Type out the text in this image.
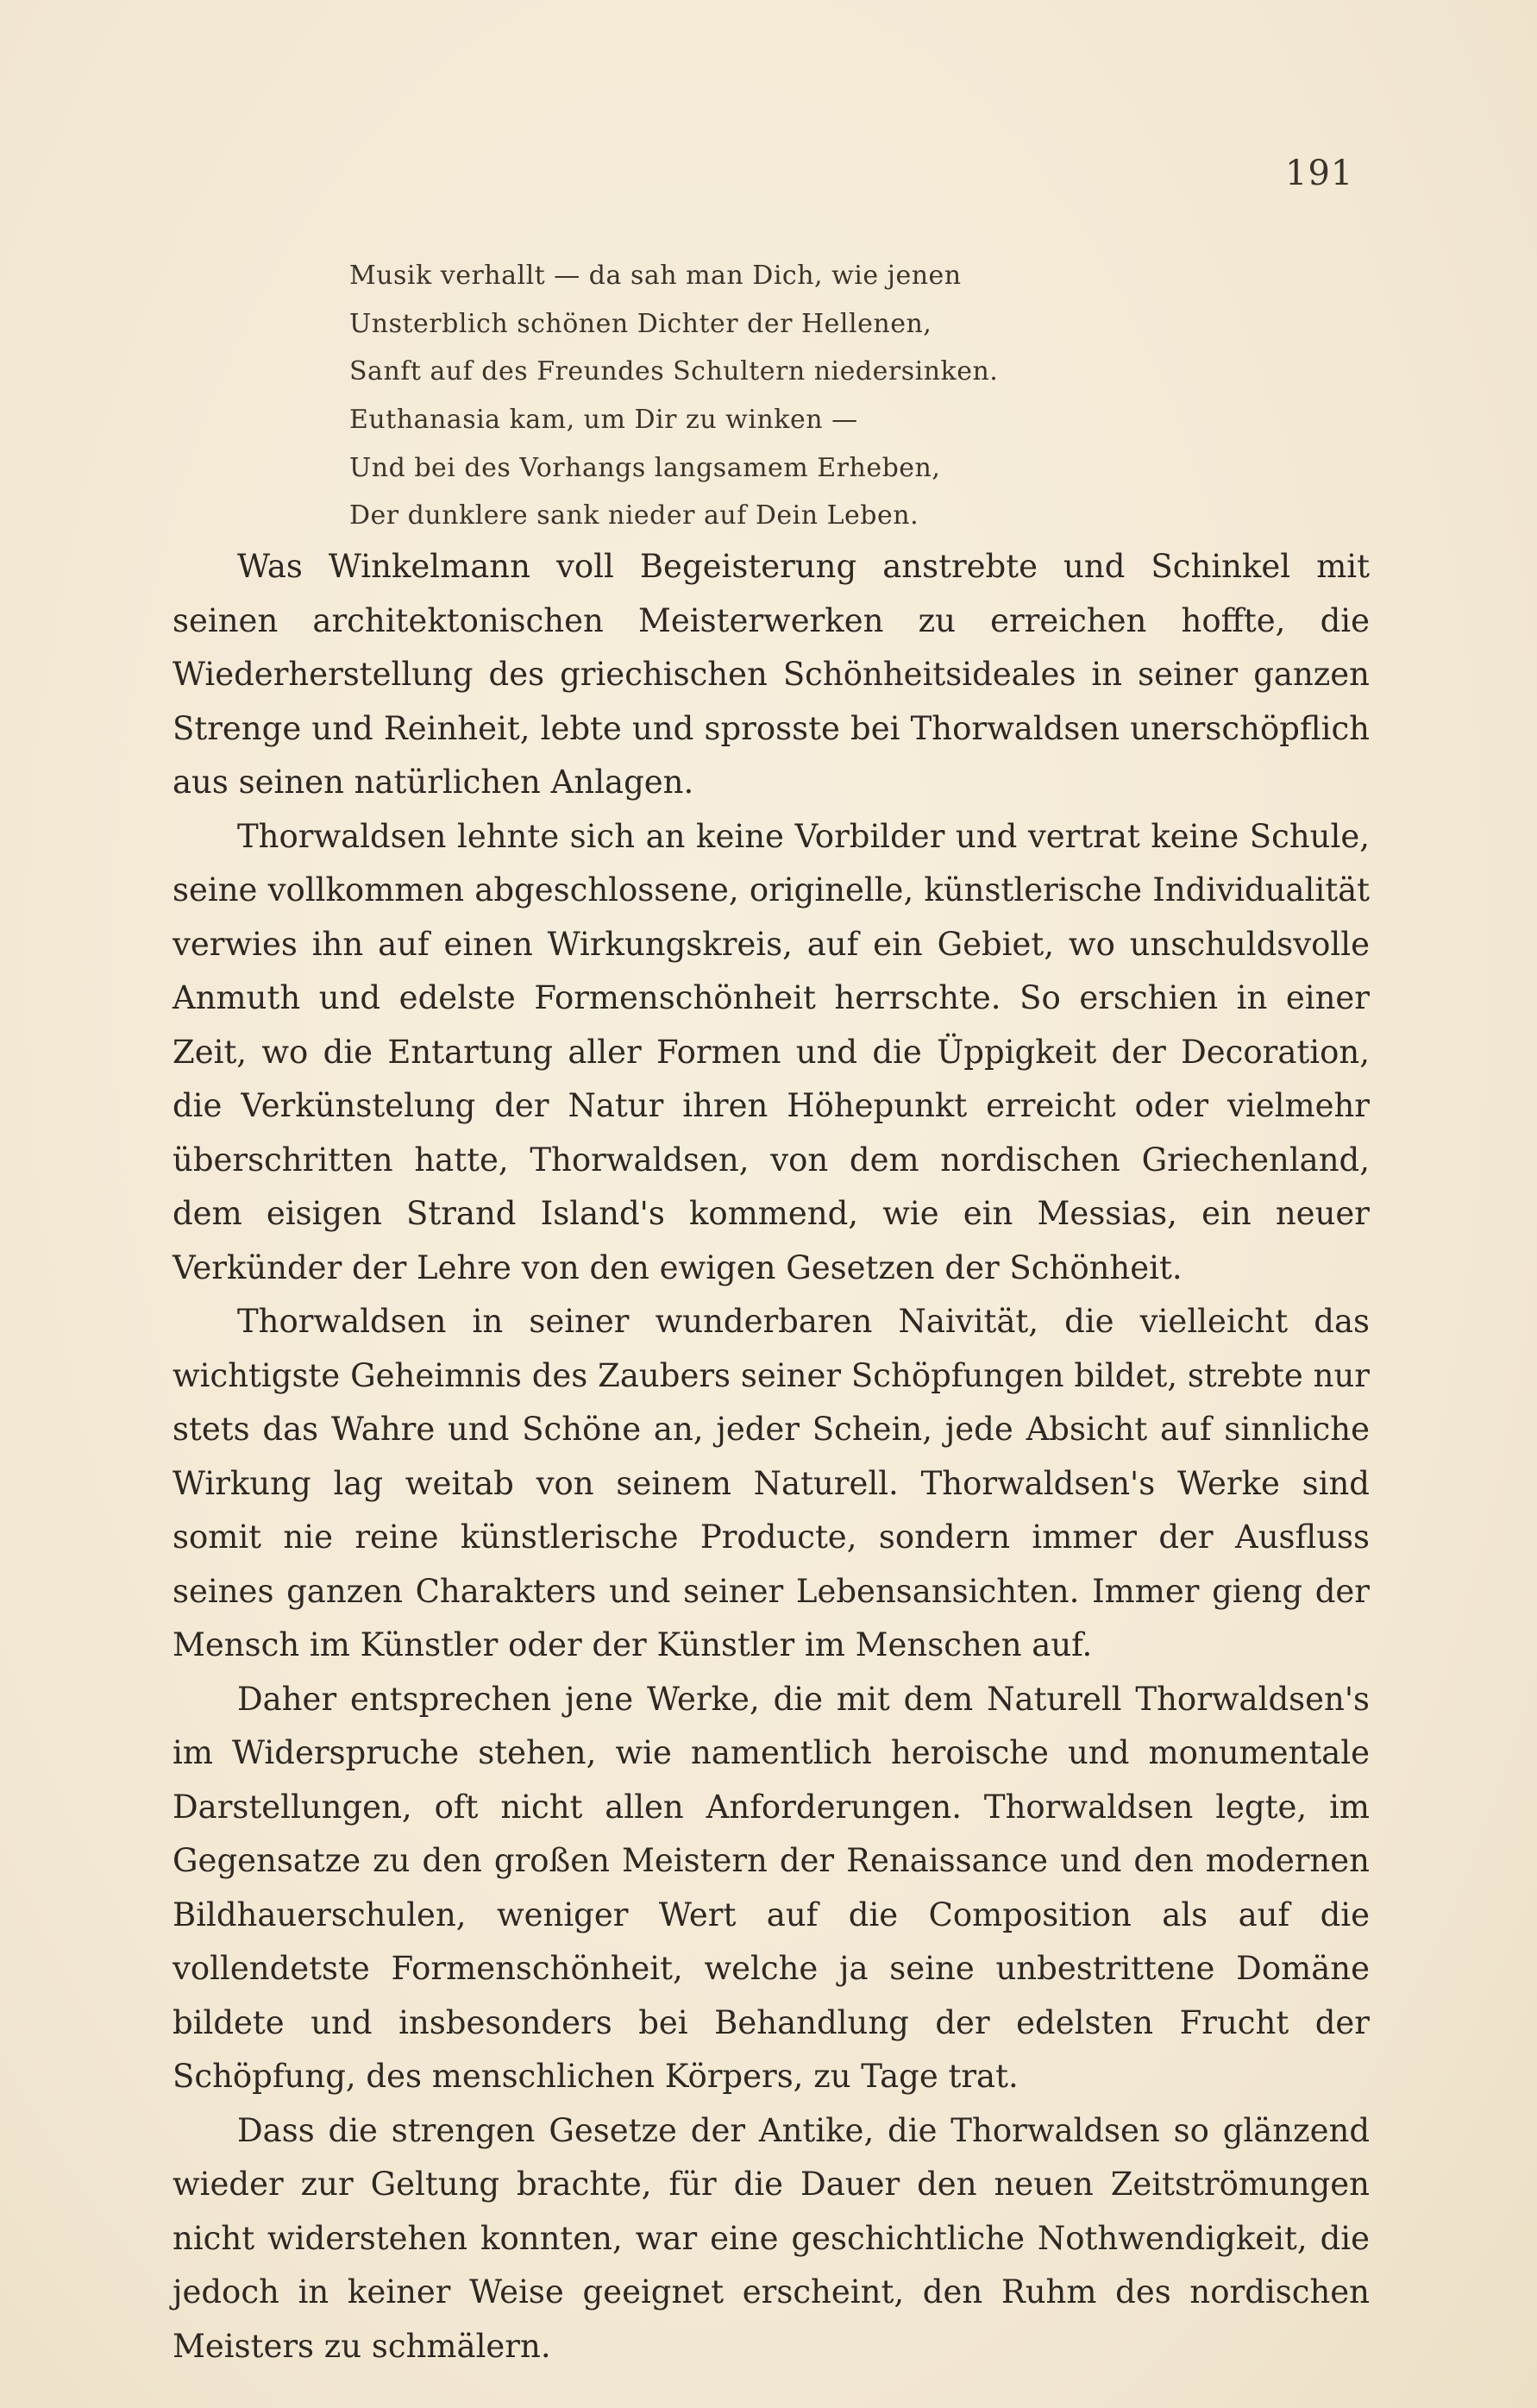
191
Musik verhallt — da sah man Dich, wie jenen
Unsterblich schönen Dichter der Hellenen,
Sanft auf des Freundes Schultern niedersinken.
Euthanasia kam, um Dir zu winken —
Und bei des Vorhangs langsamem Erheben,
Der dunklere sank nieder auf Dein Leben.

Was Winkelmann voll Begeisterung anstrebte und Schinkel mit seinen architektonischen Meisterwerken zu erreichen hoffte, die Wiederherstellung des griechischen Schönheitsideales in seiner ganzen Strenge und Reinheit, lebte und sprosste bei Thorwaldsen unerschöpflich aus seinen natürlichen Anlagen.

Thorwaldsen lehnte sich an keine Vorbilder und vertrat keine Schule, seine vollkommen abgeschlossene, originelle, künstlerische Individualität verwies ihn auf einen Wirkungskreis, auf ein Gebiet, wo unschuldsvolle Anmuth und edelste Formenschönheit herrschte. So erschien in einer Zeit, wo die Entartung aller Formen und die Üppigkeit der Decoration, die Verkünstelung der Natur ihren Höhepunkt erreicht oder vielmehr überschritten hatte, Thorwaldsen, von dem nordischen Griechenland, dem eisigen Strand Island's kommend, wie ein Messias, ein neuer Verkünder der Lehre von den ewigen Gesetzen der Schönheit.

Thorwaldsen in seiner wunderbaren Naivität, die vielleicht das wichtigste Geheimnis des Zaubers seiner Schöpfungen bildet, strebte nur stets das Wahre und Schöne an, jeder Schein, jede Absicht auf sinnliche Wirkung lag weitab von seinem Naturell. Thorwaldsen's Werke sind somit nie reine künstlerische Producte, sondern immer der Ausfluss seines ganzen Charakters und seiner Lebensansichten. Immer gieng der Mensch im Künstler oder der Künstler im Menschen auf.

Daher entsprechen jene Werke, die mit dem Naturell Thorwaldsen's im Widerspruche stehen, wie namentlich heroische und monumentale Darstellungen, oft nicht allen Anforderungen. Thorwaldsen legte, im Gegensatze zu den großen Meistern der Renaissance und den modernen Bildhauerschulen, weniger Wert auf die Composition als auf die vollendetste Formenschönheit, welche ja seine unbestrittene Domäne bildete und insbesonders bei Behandlung der edelsten Frucht der Schöpfung, des menschlichen Körpers, zu Tage trat.

Dass die strengen Gesetze der Antike, die Thorwaldsen so glänzend wieder zur Geltung brachte, für die Dauer den neuen Zeitströmungen nicht widerstehen konnten, war eine geschichtliche Nothwendigkeit, die jedoch in keiner Weise geeignet erscheint, den Ruhm des nordischen Meisters zu schmälern.
